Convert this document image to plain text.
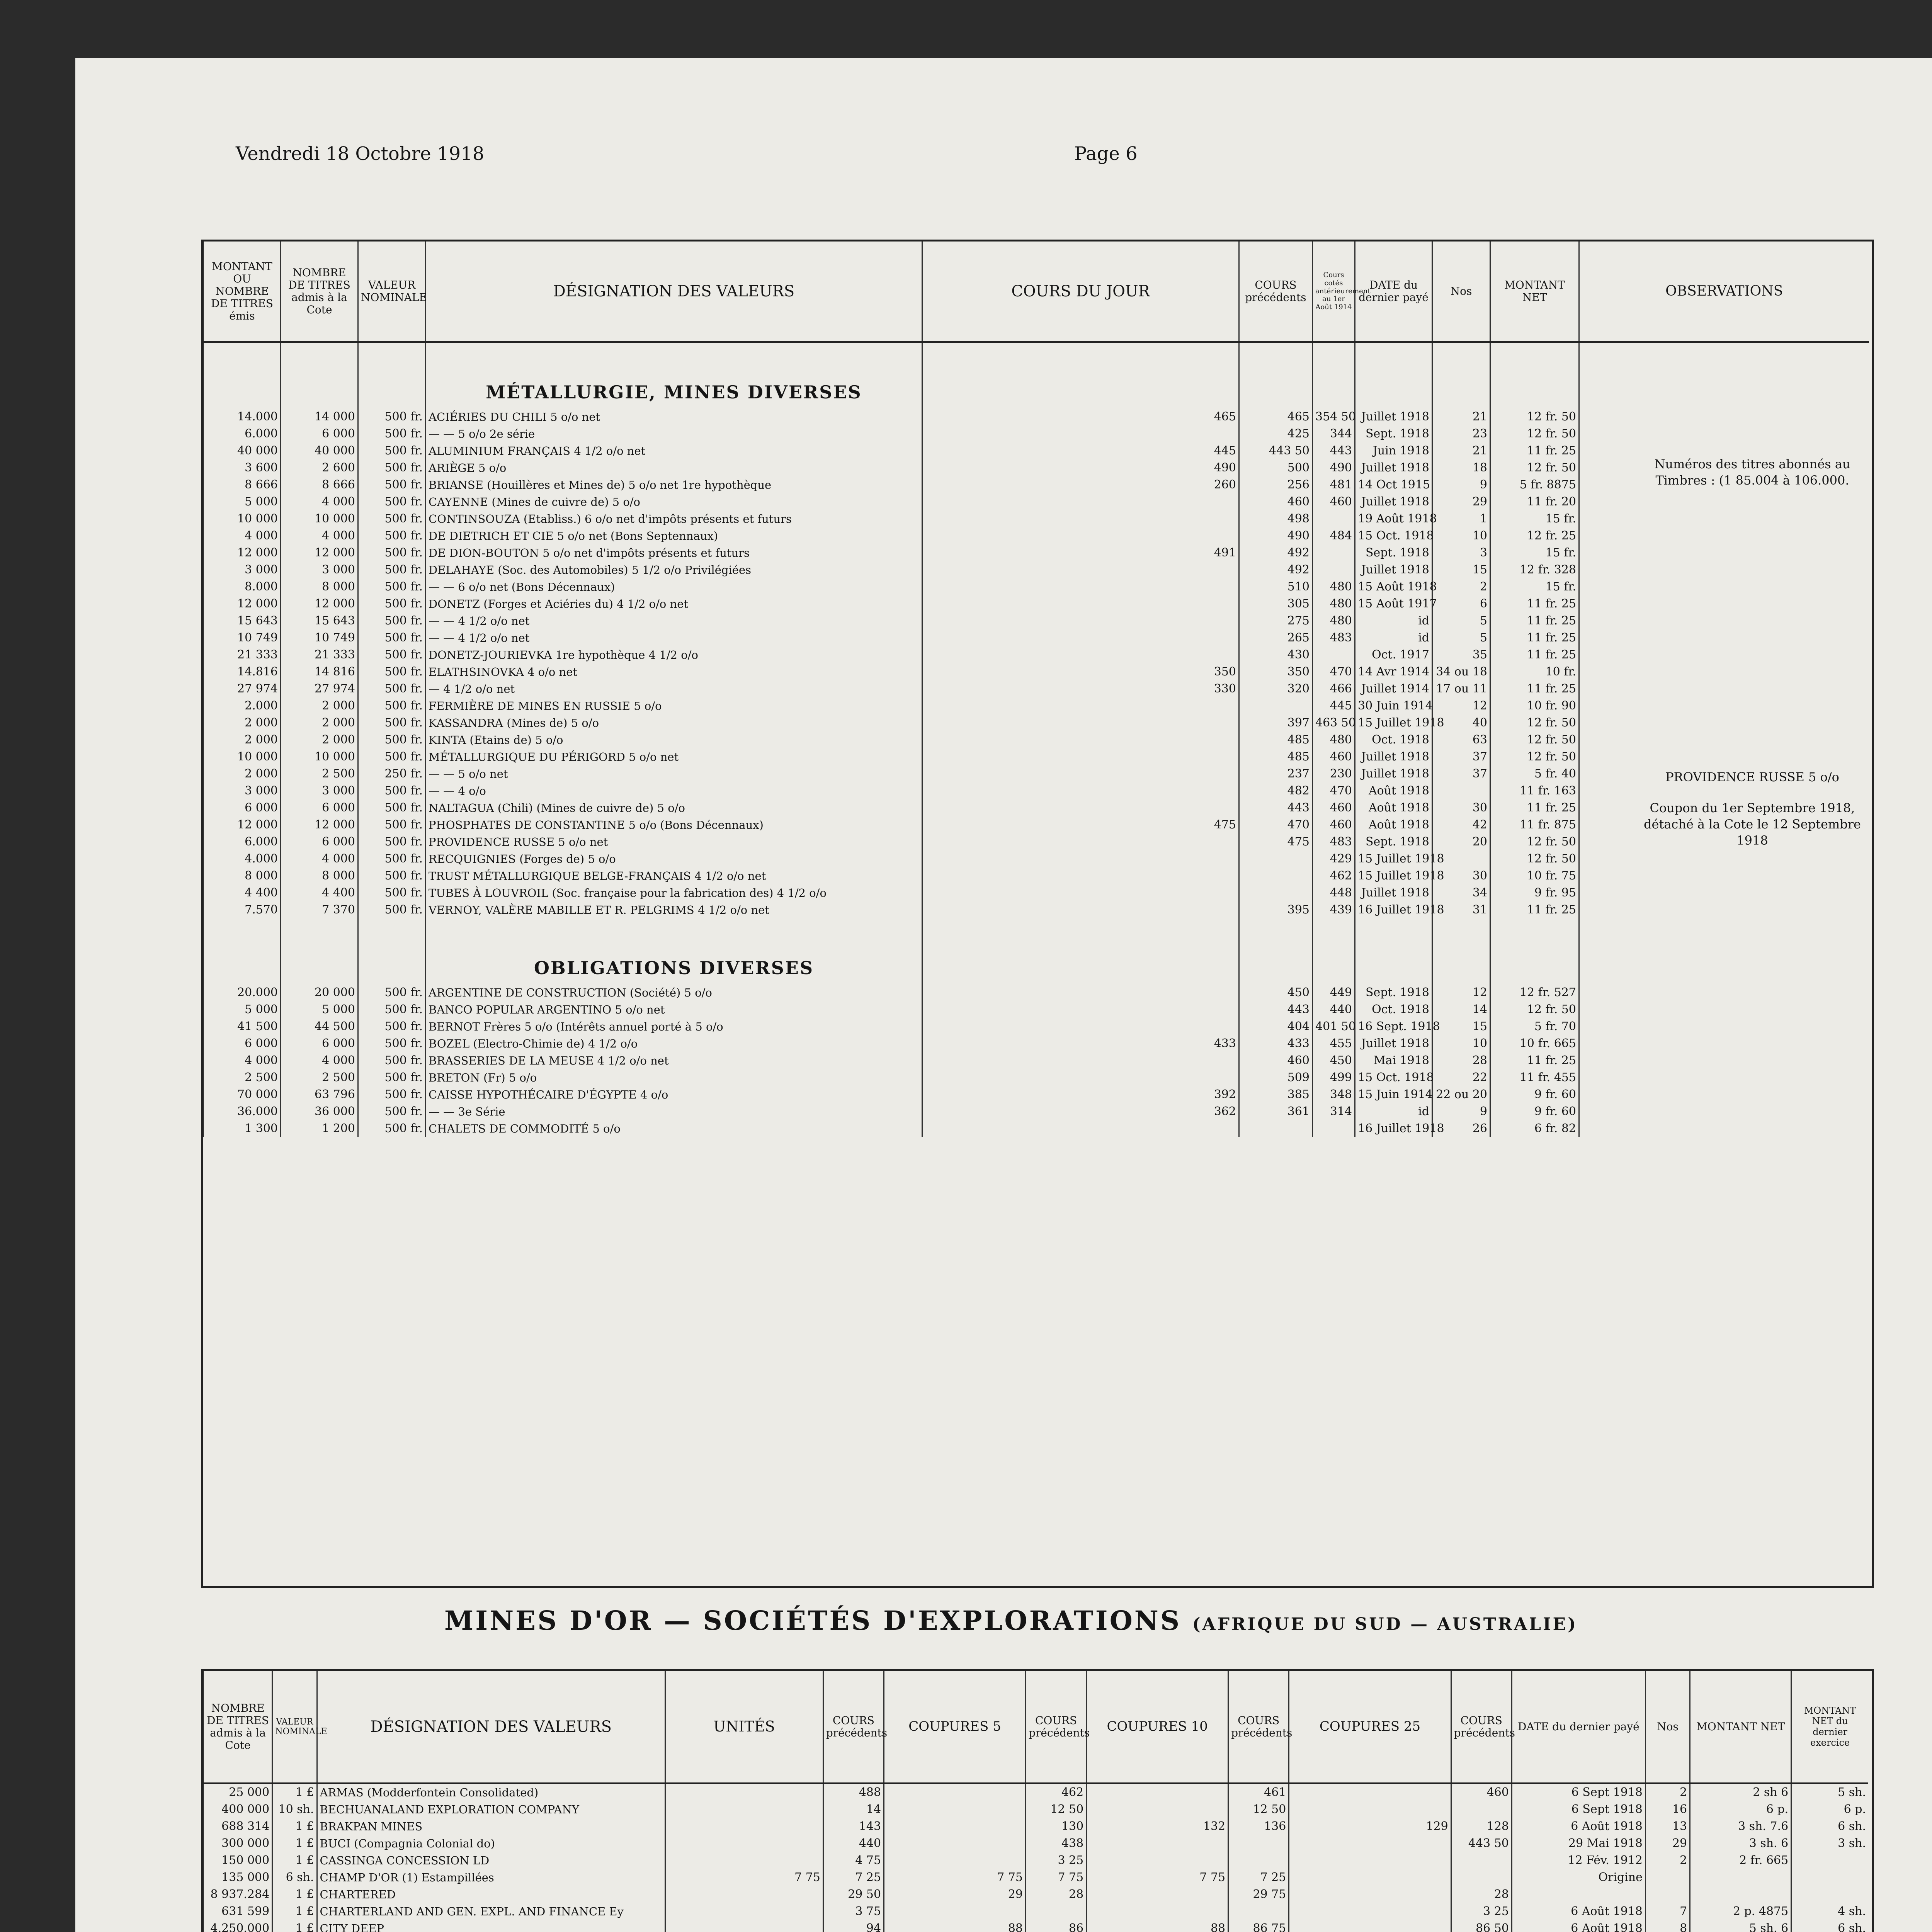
Vendredi 18 Octobre 1918	Page 6
MONTANT OU NOMBRE DE TITRES émis	NOMBRE DE TITRES admis à la Cote	VALEUR NOMINALE	DÉSIGNATION DES VALEURS	COURS DU JOUR	COURS précédents	Cours cotés antérieurement au 1er Août 1914	DATE du dernier payé	Nos	MONTANT NET	OBSERVATIONS
			MÉTALLURGIE, MINES DIVERSES							
14.000	14 000	500 fr.	ACIÉRIES DU CHILI 5 o/o net	465	465	354 50	Juillet 1918	21	12 fr. 50	
6.000	6 000	500 fr.	— — 5 o/o 2e série		425	344	Sept. 1918	23	12 fr. 50	
40 000	40 000	500 fr.	ALUMINIUM FRANÇAIS 4 1/2 o/o net	445	443 50	443	Juin 1918	21	11 fr. 25	
3 600	2 600	500 fr.	ARIÈGE 5 o/o	490	500	490	Juillet 1918	18	12 fr. 50	
8 666	8 666	500 fr.	BRIANSE (Houillères et Mines de) 5 o/o net 1re hypothèque	260	256	481	14 Oct 1915	9	5 fr. 8875	
5 000	4 000	500 fr.	CAYENNE (Mines de cuivre de) 5 o/o		460	460	Juillet 1918	29	11 fr. 20	
10 000	10 000	500 fr.	CONTINSOUZA (Etabliss.) 6 o/o net d'impôts présents et futurs		498		19 Août 1918	1	15 fr.	
4 000	4 000	500 fr.	DE DIETRICH ET CIE 5 o/o net (Bons Septennaux)		490	484	15 Oct. 1918	10	12 fr. 25	
12 000	12 000	500 fr.	DE DION-BOUTON 5 o/o net d'impôts présents et futurs	491	492		Sept. 1918	3	15 fr.	
3 000	3 000	500 fr.	DELAHAYE (Soc. des Automobiles) 5 1/2 o/o Privilégiées		492		Juillet 1918	15	12 fr. 328	
8.000	8 000	500 fr.	— — 6 o/o net (Bons Décennaux)		510	480	15 Août 1918	2	15 fr.	
12 000	12 000	500 fr.	DONETZ (Forges et Aciéries du) 4 1/2 o/o net		305	480	15 Août 1917	6	11 fr. 25	
15 643	15 643	500 fr.	— — 4 1/2 o/o net		275	480	id	5	11 fr. 25	
10 749	10 749	500 fr.	— — 4 1/2 o/o net		265	483	id	5	11 fr. 25	
21 333	21 333	500 fr.	DONETZ-JOURIEVKA 1re hypothèque 4 1/2 o/o		430		Oct. 1917	35	11 fr. 25	
14.816	14 816	500 fr.	ELATHSINOVKA 4 o/o net	350	350	470	14 Avr 1914	34 ou 18	10 fr.	
27 974	27 974	500 fr.	— 4 1/2 o/o net	330	320	466	Juillet 1914	17 ou 11	11 fr. 25	
2.000	2 000	500 fr.	FERMIÈRE DE MINES EN RUSSIE 5 o/o			445	30 Juin 1914	12	10 fr. 90	
2 000	2 000	500 fr.	KASSANDRA (Mines de) 5 o/o		397	463 50	15 Juillet 1918	40	12 fr. 50	
2 000	2 000	500 fr.	KINTA (Etains de) 5 o/o		485	480	Oct. 1918	63	12 fr. 50	
10 000	10 000	500 fr.	MÉTALLURGIQUE DU PÉRIGORD 5 o/o net		485	460	Juillet 1918	37	12 fr. 50	
2 000	2 500	250 fr.	— — 5 o/o net		237	230	Juillet 1918	37	5 fr. 40	
3 000	3 000	500 fr.	— — 4 o/o		482	470	Août 1918		11 fr. 163	
6 000	6 000	500 fr.	NALTAGUA (Chili) (Mines de cuivre de) 5 o/o		443	460	Août 1918	30	11 fr. 25	
12 000	12 000	500 fr.	PHOSPHATES DE CONSTANTINE 5 o/o (Bons Décennaux)	475	470	460	Août 1918	42	11 fr. 875	
6.000	6 000	500 fr.	PROVIDENCE RUSSE 5 o/o net		475	483	Sept. 1918	20	12 fr. 50	
4.000	4 000	500 fr.	RECQUIGNIES (Forges de) 5 o/o			429	15 Juillet 1918		12 fr. 50	
8 000	8 000	500 fr.	TRUST MÉTALLURGIQUE BELGE-FRANÇAIS 4 1/2 o/o net			462	15 Juillet 1918	30	10 fr. 75	
4 400	4 400	500 fr.	TUBES À LOUVROIL (Soc. française pour la fabrication des) 4 1/2 o/o			448	Juillet 1918	34	9 fr. 95	
7.570	7 370	500 fr.	VERNOY, VALÈRE MABILLE ET R. PELGRIMS 4 1/2 o/o net		395	439	16 Juillet 1918	31	11 fr. 25	
			OBLIGATIONS DIVERSES							
20.000	20 000	500 fr.	ARGENTINE DE CONSTRUCTION (Société) 5 o/o		450	449	Sept. 1918	12	12 fr. 527	
5 000	5 000	500 fr.	BANCO POPULAR ARGENTINO 5 o/o net		443	440	Oct. 1918	14	12 fr. 50	
41 500	44 500	500 fr.	BERNOT Frères 5 o/o (Intérêts annuel porté à 5 o/o		404	401 50	16 Sept. 1918	15	5 fr. 70	
6 000	6 000	500 fr.	BOZEL (Electro-Chimie de) 4 1/2 o/o	433	433	455	Juillet 1918	10	10 fr. 665	
4 000	4 000	500 fr.	BRASSERIES DE LA MEUSE 4 1/2 o/o net		460	450	Mai 1918	28	11 fr. 25	
2 500	2 500	500 fr.	BRETON (Fr) 5 o/o		509	499	15 Oct. 1918	22	11 fr. 455	
70 000	63 796	500 fr.	CAISSE HYPOTHÉCAIRE D'ÉGYPTE 4 o/o	392	385	348	15 Juin 1914	22 ou 20	9 fr. 60	
36.000	36 000	500 fr.	— — 3e Série	362	361	314	id	9	9 fr. 60	
1 300	1 200	500 fr.	CHALETS DE COMMODITÉ 5 o/o				16 Juillet 1918	26	6 fr. 82	
Numéros des titres abonnés au Timbres : (1 85.004 à 106.000.
PROVIDENCE RUSSE 5 o/o
Coupon du 1er Septembre 1918, détaché à la Cote le 12 Septembre 1918
MINES D'OR — SOCIÉTÉS D'EXPLORATIONS (AFRIQUE DU SUD — AUSTRALIE)
NOMBRE DE TITRES admis à la Cote	VALEUR NOMINALE	DÉSIGNATION DES VALEURS	UNITÉS	COURS précédents	COUPURES 5	COURS précédents	COUPURES 10	COURS précédents	COUPURES 25	COURS précédents	DATE du dernier payé	Nos	MONTANT NET	MONTANT NET du dernier exercice
25 000	1 £	ARMAS (Modderfontein Consolidated)		488		462		461		460	6 Sept 1918	2	2 sh 6	5 sh.
400 000	10 sh.	BECHUANALAND EXPLORATION COMPANY		14		12 50		12 50			6 Sept 1918	16	6 p.	6 p.
688 314	1 £	BRAKPAN MINES		143		130	132	136	129	128	6 Août 1918	13	3 sh. 7.6	6 sh.
300 000	1 £	BUCI (Compagnia Colonial do)		440		438				443 50	29 Mai 1918	29	3 sh. 6	3 sh.
150 000	1 £	CASSINGA CONCESSION LD		4 75		3 25					12 Fév. 1912	2	2 fr. 665	
135 000	6 sh.	CHAMP D'OR (1) Estampillées	7 75	7 25	7 75	7 75	7 75	7 25			Origine			
8 937.284	1 £	CHARTERED		29 50	29	28		29 75		28				
631 599	1 £	CHARTERLAND AND GEN. EXPL. AND FINANCE Ey		3 75						3 25	6 Août 1918	7	2 p. 4875	4 sh.
4.250.000	1 £	CITY DEEP		94	88	86	88	86 75		86 50	6 Août 1918	8	5 sh. 6	6 sh.
